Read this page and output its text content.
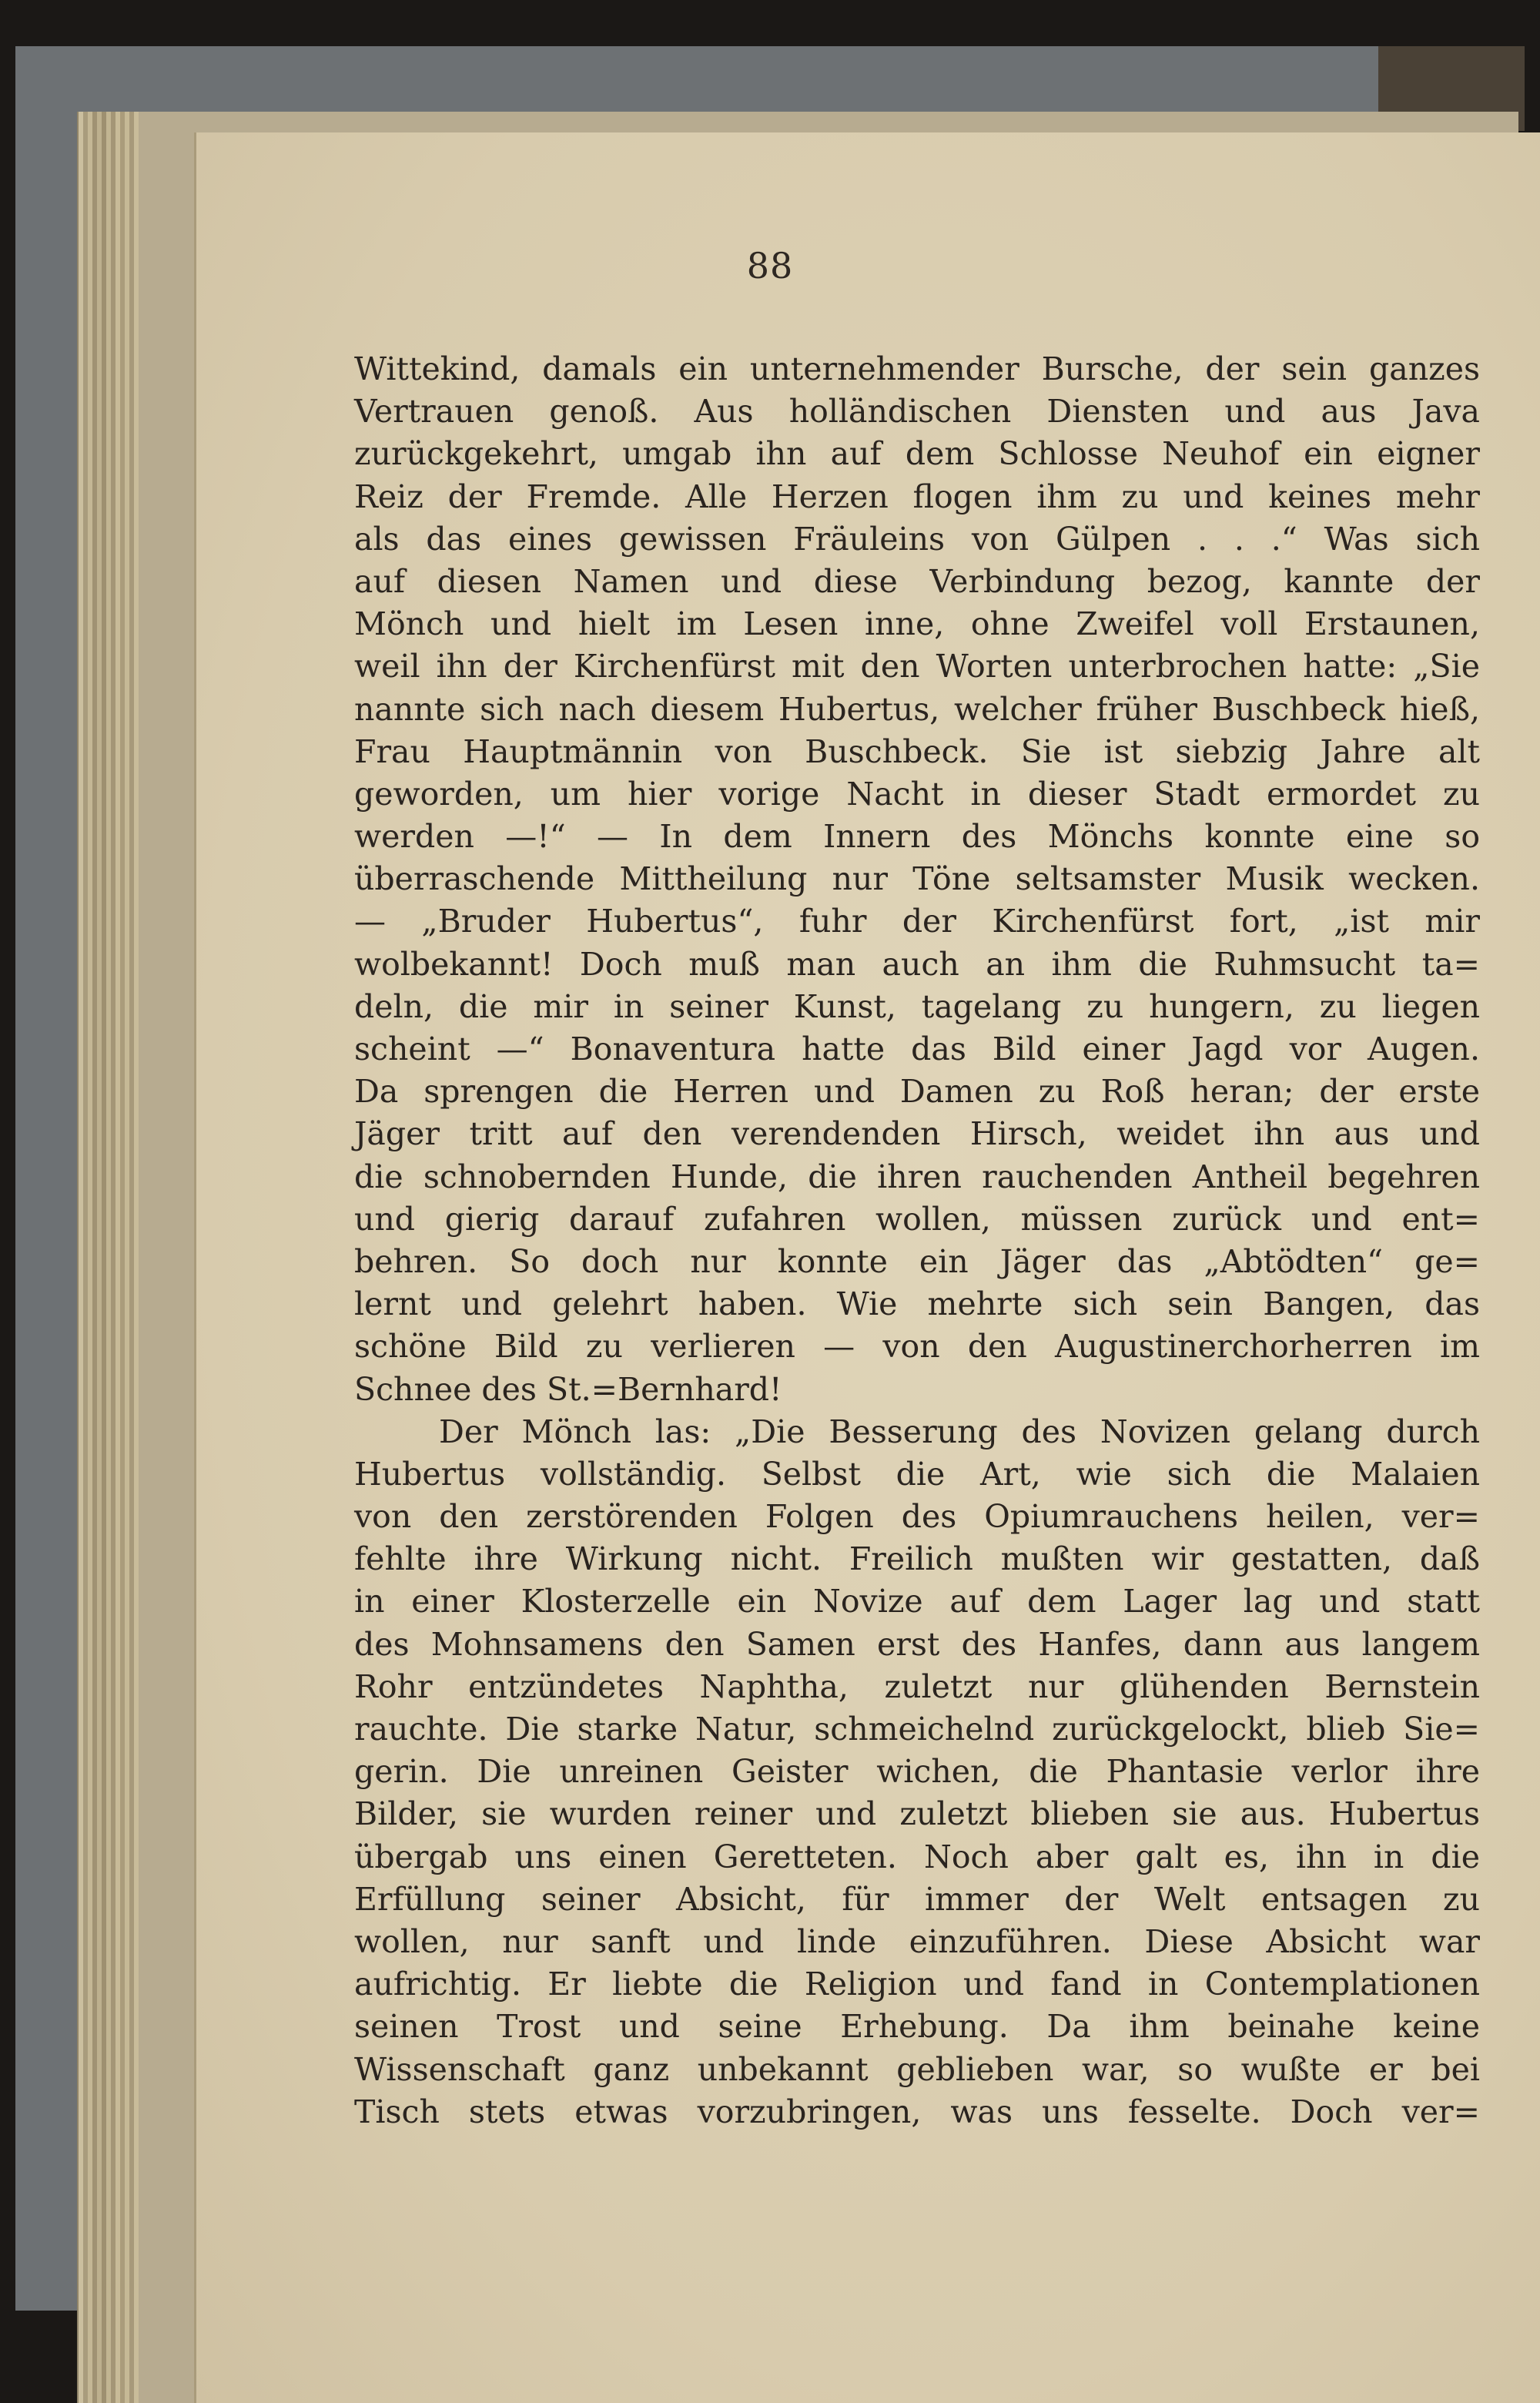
88
Wittekind, damals ein unternehmender Bursche, der sein ganzes
Vertrauen genoß. Aus holländischen Diensten und aus Java
zurückgekehrt, umgab ihn auf dem Schlosse Neuhof ein eigner
Reiz der Fremde. Alle Herzen flogen ihm zu und keines mehr
als das eines gewissen Fräuleins von Gülpen . . .“ Was sich
auf diesen Namen und diese Verbindung bezog, kannte der
Mönch und hielt im Lesen inne, ohne Zweifel voll Erstaunen,
weil ihn der Kirchenfürst mit den Worten unterbrochen hatte: „Sie
nannte sich nach diesem Hubertus, welcher früher Buschbeck hieß,
Frau Hauptmännin von Buschbeck. Sie ist siebzig Jahre alt
geworden, um hier vorige Nacht in dieser Stadt ermordet zu
werden —!“ — In dem Innern des Mönchs konnte eine so
überraschende Mittheilung nur Töne seltsamster Musik wecken.
— „Bruder Hubertus“, fuhr der Kirchenfürst fort, „ist mir
wolbekannt! Doch muß man auch an ihm die Ruhmsucht ta=
deln, die mir in seiner Kunst, tagelang zu hungern, zu liegen
scheint —“ Bonaventura hatte das Bild einer Jagd vor Augen.
Da sprengen die Herren und Damen zu Roß heran; der erste
Jäger tritt auf den verendenden Hirsch, weidet ihn aus und
die schnobernden Hunde, die ihren rauchenden Antheil begehren
und gierig darauf zufahren wollen, müssen zurück und ent=
behren. So doch nur konnte ein Jäger das „Abtödten“ ge=
lernt und gelehrt haben. Wie mehrte sich sein Bangen, das
schöne Bild zu verlieren — von den Augustinerchorherren im
Schnee des St.=Bernhard!
Der Mönch las: „Die Besserung des Novizen gelang durch
Hubertus vollständig. Selbst die Art, wie sich die Malaien
von den zerstörenden Folgen des Opiumrauchens heilen, ver=
fehlte ihre Wirkung nicht. Freilich mußten wir gestatten, daß
in einer Klosterzelle ein Novize auf dem Lager lag und statt
des Mohnsamens den Samen erst des Hanfes, dann aus langem
Rohr entzündetes Naphtha, zuletzt nur glühenden Bernstein
rauchte. Die starke Natur, schmeichelnd zurückgelockt, blieb Sie=
gerin. Die unreinen Geister wichen, die Phantasie verlor ihre
Bilder, sie wurden reiner und zuletzt blieben sie aus. Hubertus
übergab uns einen Geretteten. Noch aber galt es, ihn in die
Erfüllung seiner Absicht, für immer der Welt entsagen zu
wollen, nur sanft und linde einzuführen. Diese Absicht war
aufrichtig. Er liebte die Religion und fand in Contemplationen
seinen Trost und seine Erhebung. Da ihm beinahe keine
Wissenschaft ganz unbekannt geblieben war, so wußte er bei
Tisch stets etwas vorzubringen, was uns fesselte. Doch ver=
